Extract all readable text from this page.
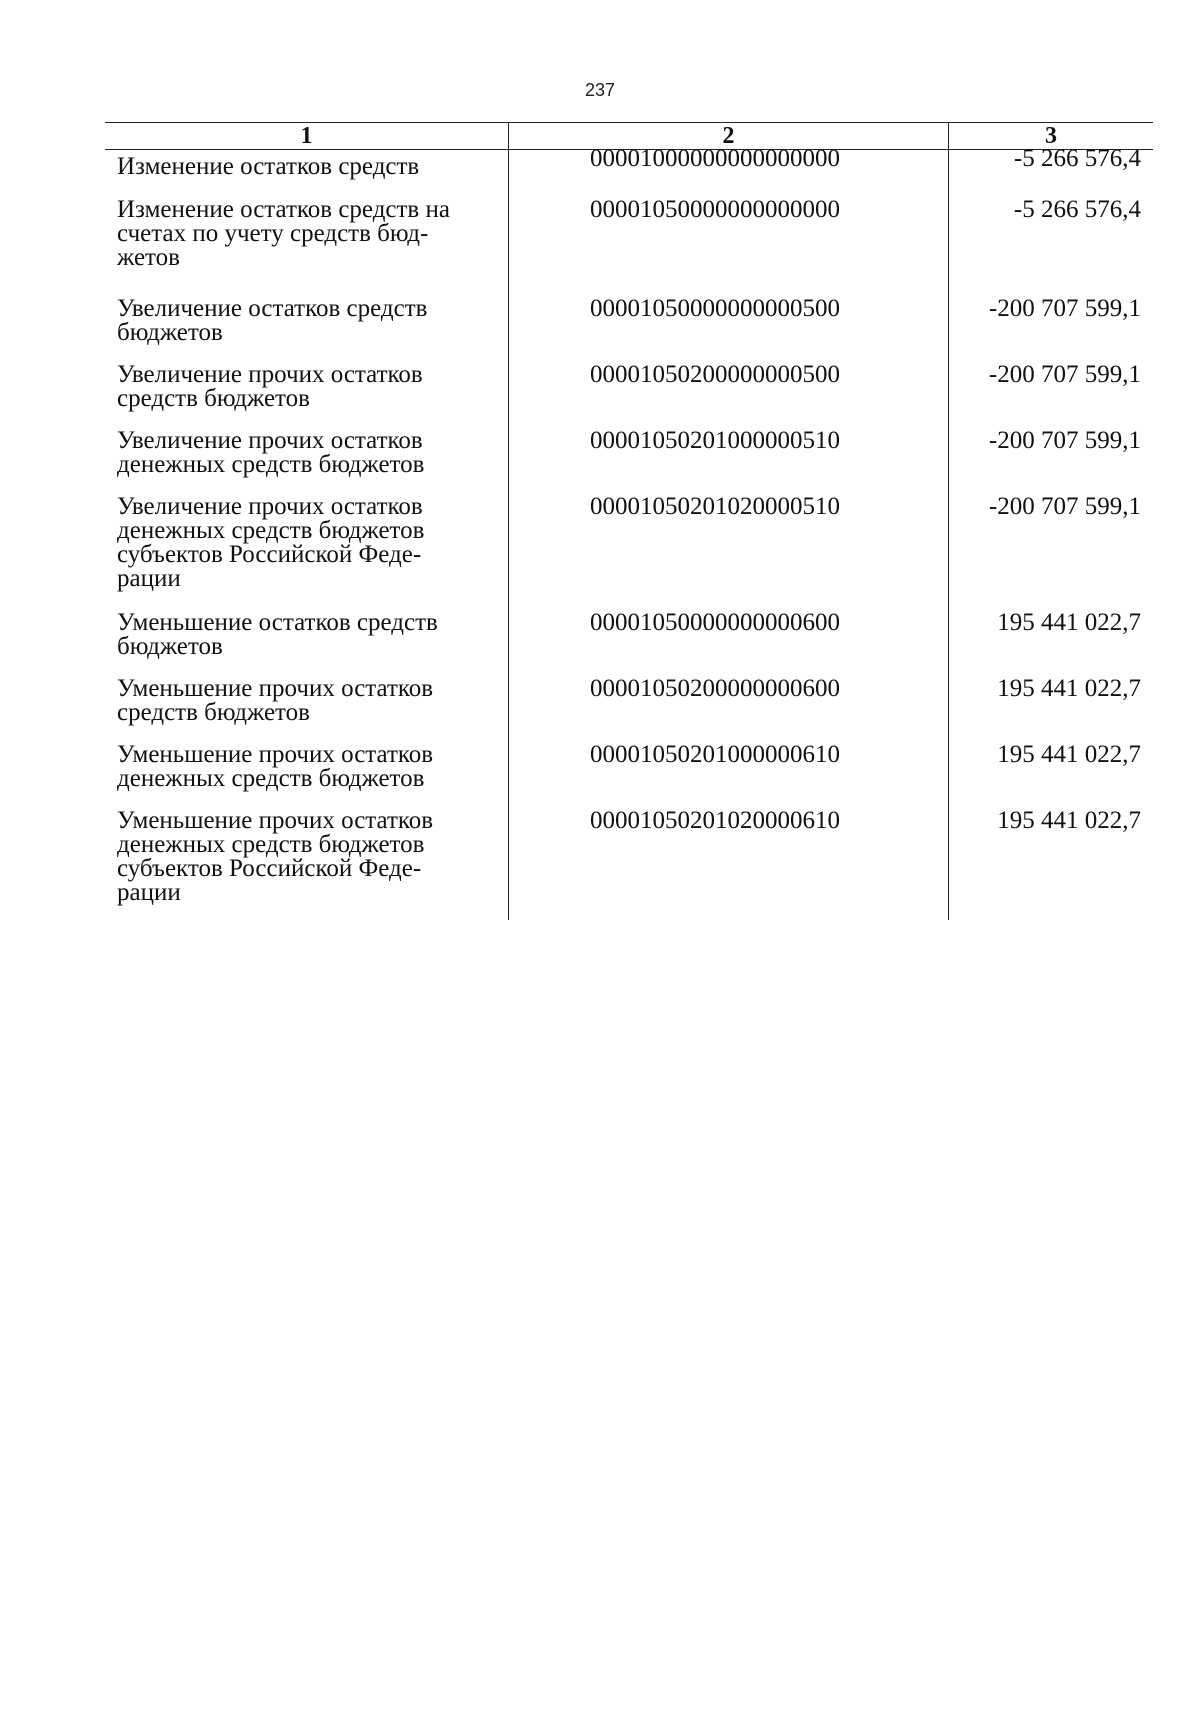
237
1	2	3
Изменение остатков средств	00001000000000000000	-5 266 576,4
Изменение остатков средств на
счетах по учету средств бюд-
жетов
00001050000000000000	-5 266 576,4
Увеличение остатков средств
бюджетов
00001050000000000500	-200 707 599,1
Увеличение прочих остатков
средств бюджетов
00001050200000000500	-200 707 599,1
Увеличение прочих остатков
денежных средств бюджетов
00001050201000000510	-200 707 599,1
Увеличение прочих остатков
денежных средств бюджетов
субъектов Российской Феде-
рации
00001050201020000510	-200 707 599,1
Уменьшение остатков средств
бюджетов
00001050000000000600	195 441 022,7
Уменьшение прочих остатков
средств бюджетов
00001050200000000600	195 441 022,7
Уменьшение прочих остатков
денежных средств бюджетов
00001050201000000610	195 441 022,7
Уменьшение прочих остатков
денежных средств бюджетов
субъектов Российской Феде-
рации
00001050201020000610	195 441 022,7
